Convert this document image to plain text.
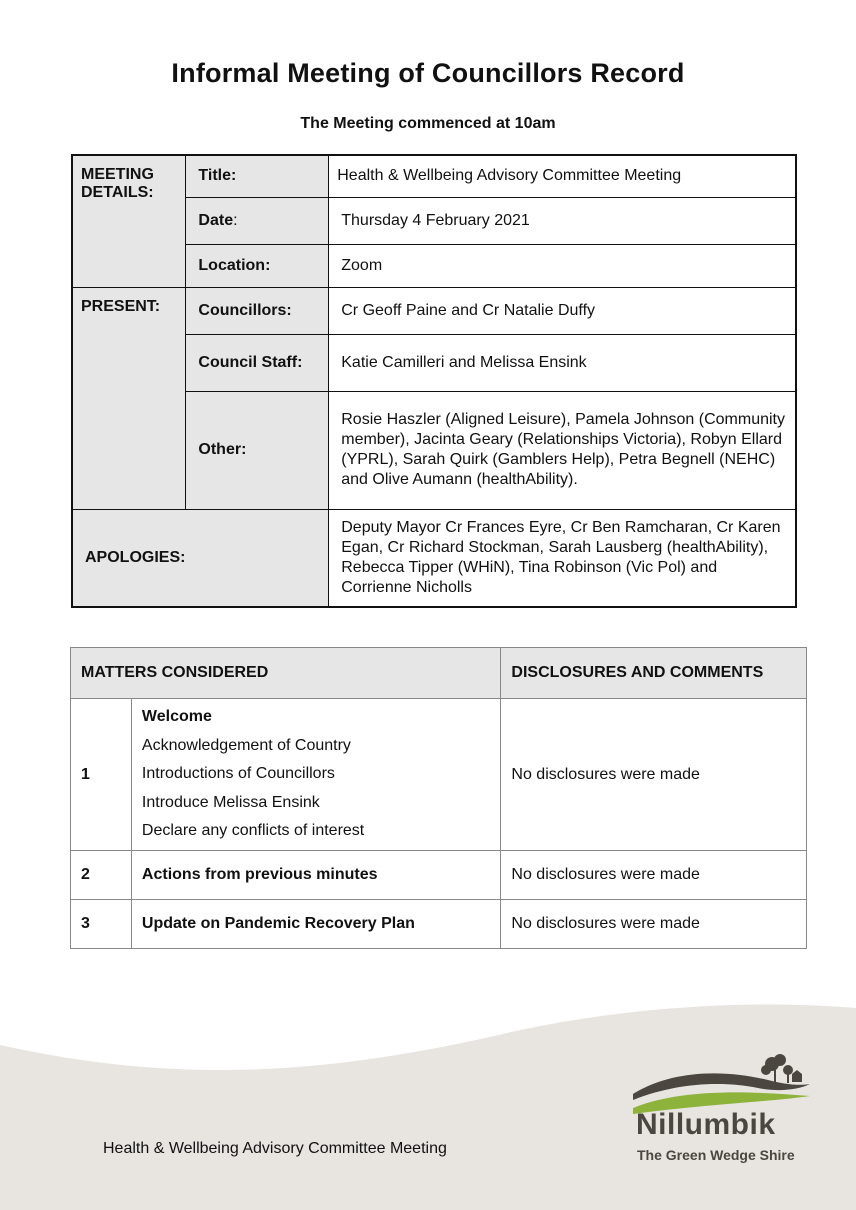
Informal Meeting of Councillors Record
The Meeting commenced at 10am
MEETING DETAILS:	Title:	Health & Wellbeing Advisory Committee Meeting
	Date:	Thursday 4 February 2021
	Location:	Zoom
PRESENT:	Councillors:	Cr Geoff Paine and Cr Natalie Duffy
	Council Staff:	Katie Camilleri and Melissa Ensink
	Other:	Rosie Haszler (Aligned Leisure), Pamela Johnson (Community member), Jacinta Geary (Relationships Victoria), Robyn Ellard (YPRL), Sarah Quirk (Gamblers Help), Petra Begnell (NEHC) and Olive Aumann (healthAbility).
APOLOGIES:		Deputy Mayor Cr Frances Eyre, Cr Ben Ramcharan, Cr Karen Egan, Cr Richard Stockman, Sarah Lausberg (healthAbility), Rebecca Tipper (WHiN), Tina Robinson (Vic Pol) and Corrienne Nicholls
MATTERS CONSIDERED		DISCLOSURES AND COMMENTS
1	Welcome
Acknowledgement of Country
Introductions of Councillors
Introduce Melissa Ensink
Declare any conflicts of interest	No disclosures were made
2	Actions from previous minutes	No disclosures were made
3	Update on Pandemic Recovery Plan	No disclosures were made
Health & Wellbeing Advisory Committee Meeting
Nillumbik
The Green Wedge Shire
